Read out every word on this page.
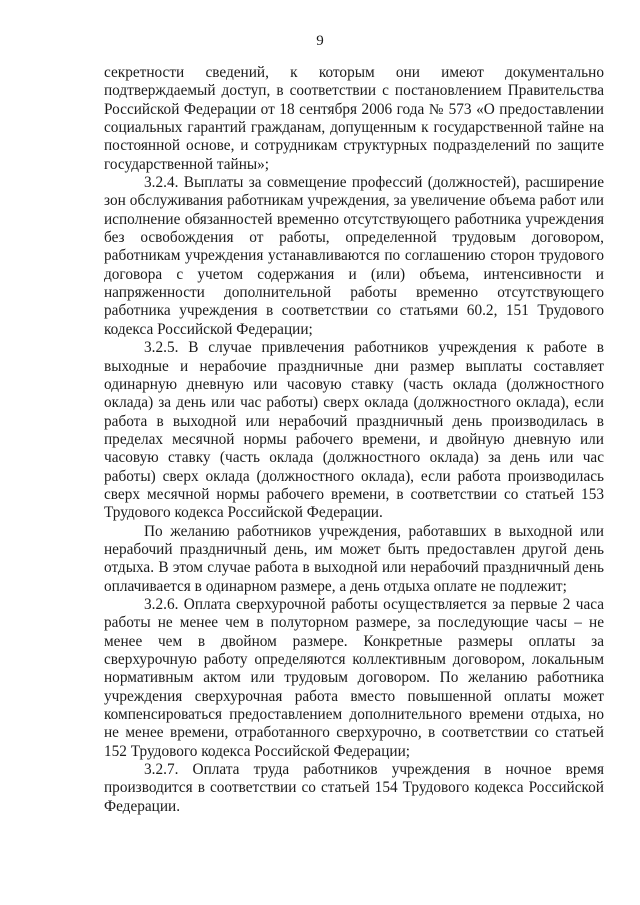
9

секретности сведений, к которым они имеют документально подтверждаемый доступ, в соответствии с постановлением Правительства Российской Федерации от 18 сентября 2006 года № 573 «О предоставлении социальных гарантий гражданам, допущенным к государственной тайне на постоянной основе, и сотрудникам структурных подразделений по защите государственной тайны»;

3.2.4. Выплаты за совмещение профессий (должностей), расширение зон обслуживания работникам учреждения, за увеличение объема работ или исполнение обязанностей временно отсутствующего работника учреждения без освобождения от работы, определенной трудовым договором, работникам учреждения устанавливаются по соглашению сторон трудового договора с учетом содержания и (или) объема, интенсивности и напряженности дополнительной работы временно отсутствующего работника учреждения в соответствии со статьями 60.2, 151 Трудового кодекса Российской Федерации;

3.2.5. В случае привлечения работников учреждения к работе в выходные и нерабочие праздничные дни размер выплаты составляет одинарную дневную или часовую ставку (часть оклада (должностного оклада) за день или час работы) сверх оклада (должностного оклада), если работа в выходной или нерабочий праздничный день производилась в пределах месячной нормы рабочего времени, и двойную дневную или часовую ставку (часть оклада (должностного оклада) за день или час работы) сверх оклада (должностного оклада), если работа производилась сверх месячной нормы рабочего времени, в соответствии со статьей 153 Трудового кодекса Российской Федерации.

По желанию работников учреждения, работавших в выходной или нерабочий праздничный день, им может быть предоставлен другой день отдыха. В этом случае работа в выходной или нерабочий праздничный день оплачивается в одинарном размере, а день отдыха оплате не подлежит;

3.2.6. Оплата сверхурочной работы осуществляется за первые 2 часа работы не менее чем в полуторном размере, за последующие часы – не менее чем в двойном размере. Конкретные размеры оплаты за сверхурочную работу определяются коллективным договором, локальным нормативным актом или трудовым договором. По желанию работника учреждения сверхурочная работа вместо повышенной оплаты может компенсироваться предоставлением дополнительного времени отдыха, но не менее времени, отработанного сверхурочно, в соответствии со статьей 152 Трудового кодекса Российской Федерации;

3.2.7. Оплата труда работников учреждения в ночное время производится в соответствии со статьей 154 Трудового кодекса Российской Федерации.
